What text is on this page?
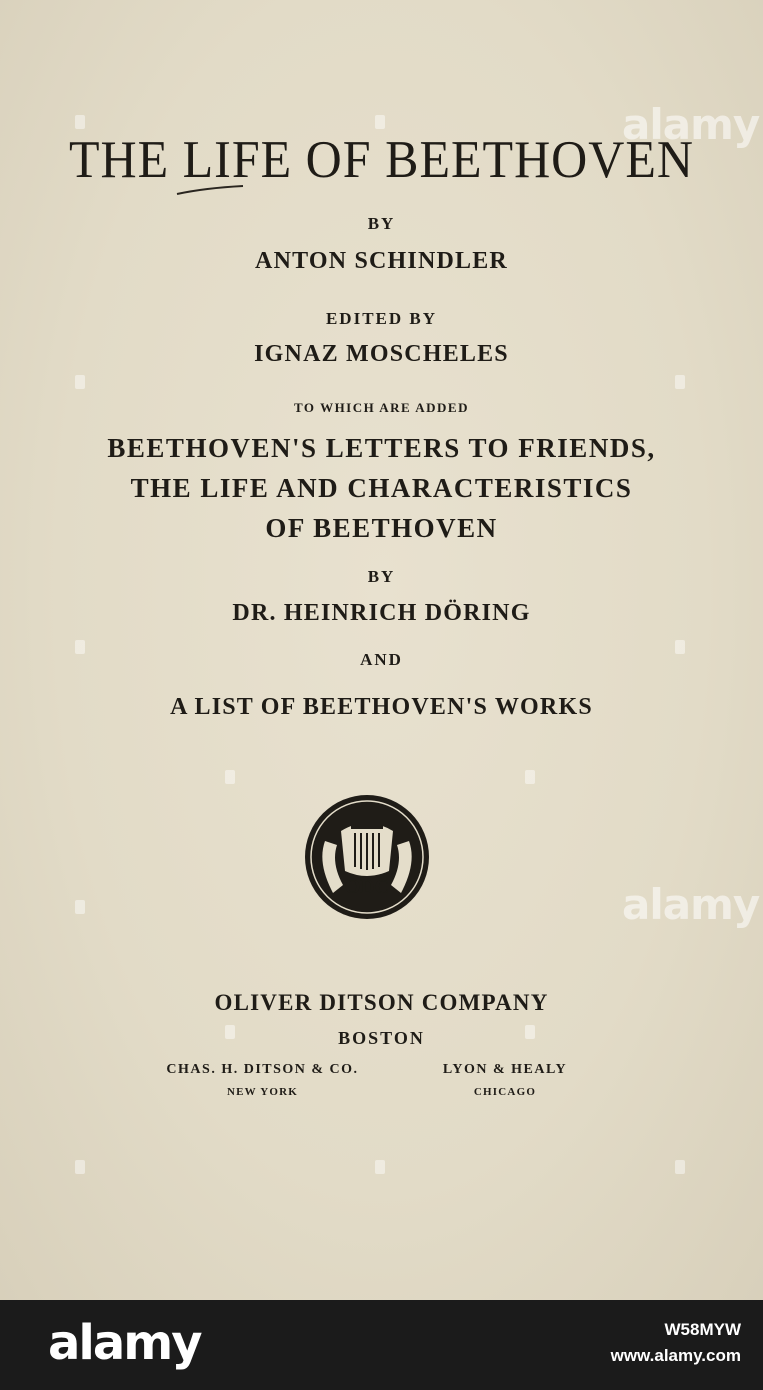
THE LIFE OF BEETHOVEN
BY
ANTON SCHINDLER
EDITED BY
IGNAZ MOSCHELES
TO WHICH ARE ADDED
BEETHOVEN'S LETTERS TO FRIENDS,
THE LIFE AND CHARACTERISTICS
OF BEETHOVEN
BY
DR. HEINRICH DÖRING
AND
A LIST OF BEETHOVEN'S WORKS
ODC
OLIVER DITSON COMPANY
BOSTON
CHAS. H. DITSON & CO.
NEW YORK
LYON & HEALY
CHICAGO
alamy
alamy
alamy	W58MYW
www.alamy.com
